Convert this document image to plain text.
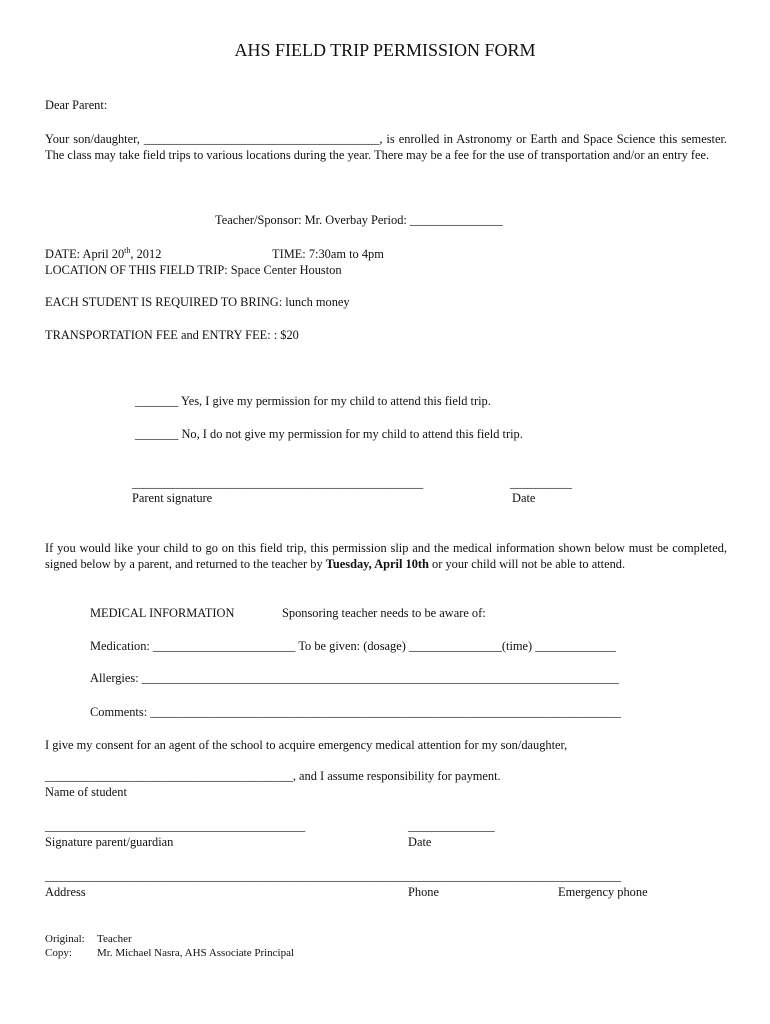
AHS FIELD TRIP PERMISSION FORM
Dear Parent:
Your son/daughter, ______________________________________, is enrolled in Astronomy or Earth and Space Science this semester. The class may take field trips to various locations during the year. There may be a fee for the use of transportation and/or an entry fee.
Teacher/Sponsor: Mr. Overbay Period: _______________
DATE: April 20th, 2012	TIME: 7:30am to 4pm
LOCATION OF THIS FIELD TRIP: Space Center Houston
EACH STUDENT IS REQUIRED TO BRING: lunch money
TRANSPORTATION FEE and ENTRY FEE: : $20
_______ Yes, I give my permission for my child to attend this field trip.
_______ No, I do not give my permission for my child to attend this field trip.
_______________________________________________	__________
Parent signature	Date
If you would like your child to go on this field trip, this permission slip and the medical information shown below must be completed, signed below by a parent, and returned to the teacher by Tuesday, April 10th or your child will not be able to attend.
MEDICAL INFORMATION	Sponsoring teacher needs to be aware of:
Medication: _______________________ To be given: (dosage) _______________(time) _____________
Allergies: _____________________________________________________________________________
Comments: ____________________________________________________________________________
I give my consent for an agent of the school to acquire emergency medical attention for my son/daughter,
________________________________________, and I assume responsibility for payment.
Name of student
__________________________________________	______________
Signature parent/guardian	Date
_____________________________________________________________________________________________
Address	Phone	Emergency phone
Original: Teacher
Copy: Mr. Michael Nasra, AHS Associate Principal
